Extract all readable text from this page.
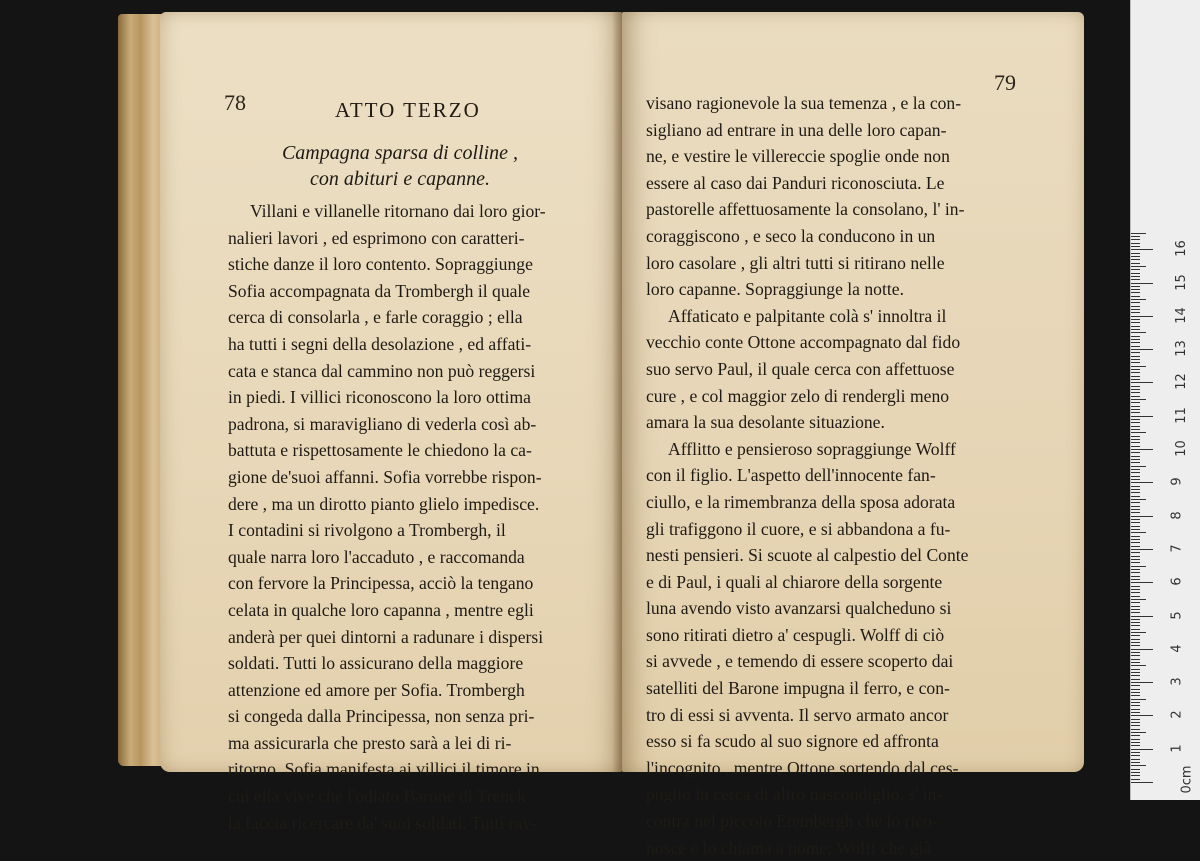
78	ATTO TERZO
Campagna sparsa di colline ,
con abituri e capanne.
Villani e villanelle ritornano dai loro gior-
nalieri lavori , ed esprimono con caratteri-
stiche danze il loro contento. Sopraggiunge
Sofia accompagnata da Trombergh il quale
cerca di consolarla , e farle coraggio ; ella
ha tutti i segni della desolazione , ed affati-
cata e stanca dal cammino non può reggersi
in piedi. I villici riconoscono la loro ottima
padrona, si maravigliano di vederla così ab-
battuta e rispettosamente le chiedono la ca-
gione de'suoi affanni. Sofia vorrebbe rispon-
dere , ma un dirotto pianto glielo impedisce.
I contadini si rivolgono a Trombergh, il
quale narra loro l'accaduto , e raccomanda
con fervore la Principessa, acciò la tengano
celata in qualche loro capanna , mentre egli
anderà per quei dintorni a radunare i dispersi
soldati. Tutti lo assicurano della maggiore
attenzione ed amore per Sofia. Trombergh
si congeda dalla Principessa, non senza pri-
ma assicurarla che presto sarà a lei di ri-
ritorno. Sofia manifesta ai villici il timore in
cui ella vive che l'odiato Barone di Trenck
la faccia ricercare da' suoi soldati. Tutti rav-
79
visano ragionevole la sua temenza , e la con-
sigliano ad entrare in una delle loro capan-
ne, e vestire le villereccie spoglie onde non
essere al caso dai Panduri riconosciuta. Le
pastorelle affettuosamente la consolano, l' in-
coraggiscono , e seco la conducono in un
loro casolare , gli altri tutti si ritirano nelle
loro capanne. Sopraggiunge la notte.
Affaticato e palpitante colà s' innoltra il
vecchio conte Ottone accompagnato dal fido
suo servo Paul, il quale cerca con affettuose
cure , e col maggior zelo di rendergli meno
amara la sua desolante situazione.
Afflitto e pensieroso sopraggiunge Wolff
con il figlio. L'aspetto dell'innocente fan-
ciullo, e la rimembranza della sposa adorata
gli trafiggono il cuore, e si abbandona a fu-
nesti pensieri. Si scuote al calpestio del Conte
e di Paul, i quali al chiarore della sorgente
luna avendo visto avanzarsi qualcheduno si
sono ritirati dietro a' cespugli. Wolff di ciò
si avvede , e temendo di essere scoperto dai
satelliti del Barone impugna il ferro, e con-
tro di essi si avventa. Il servo armato ancor
esso si fa scudo al suo signore ed affronta
l'incognito , mentre Ottone sortendo dal ces-
puglio in cerca di altro nascondiglio, s' in-
contra nel piccolo Etembergh che lo rico-
nosce e lo chiama a nome; Wolff che già
0cm
1
2
3
4
5
6
7
8
9
10
11
12
13
14
15
16
